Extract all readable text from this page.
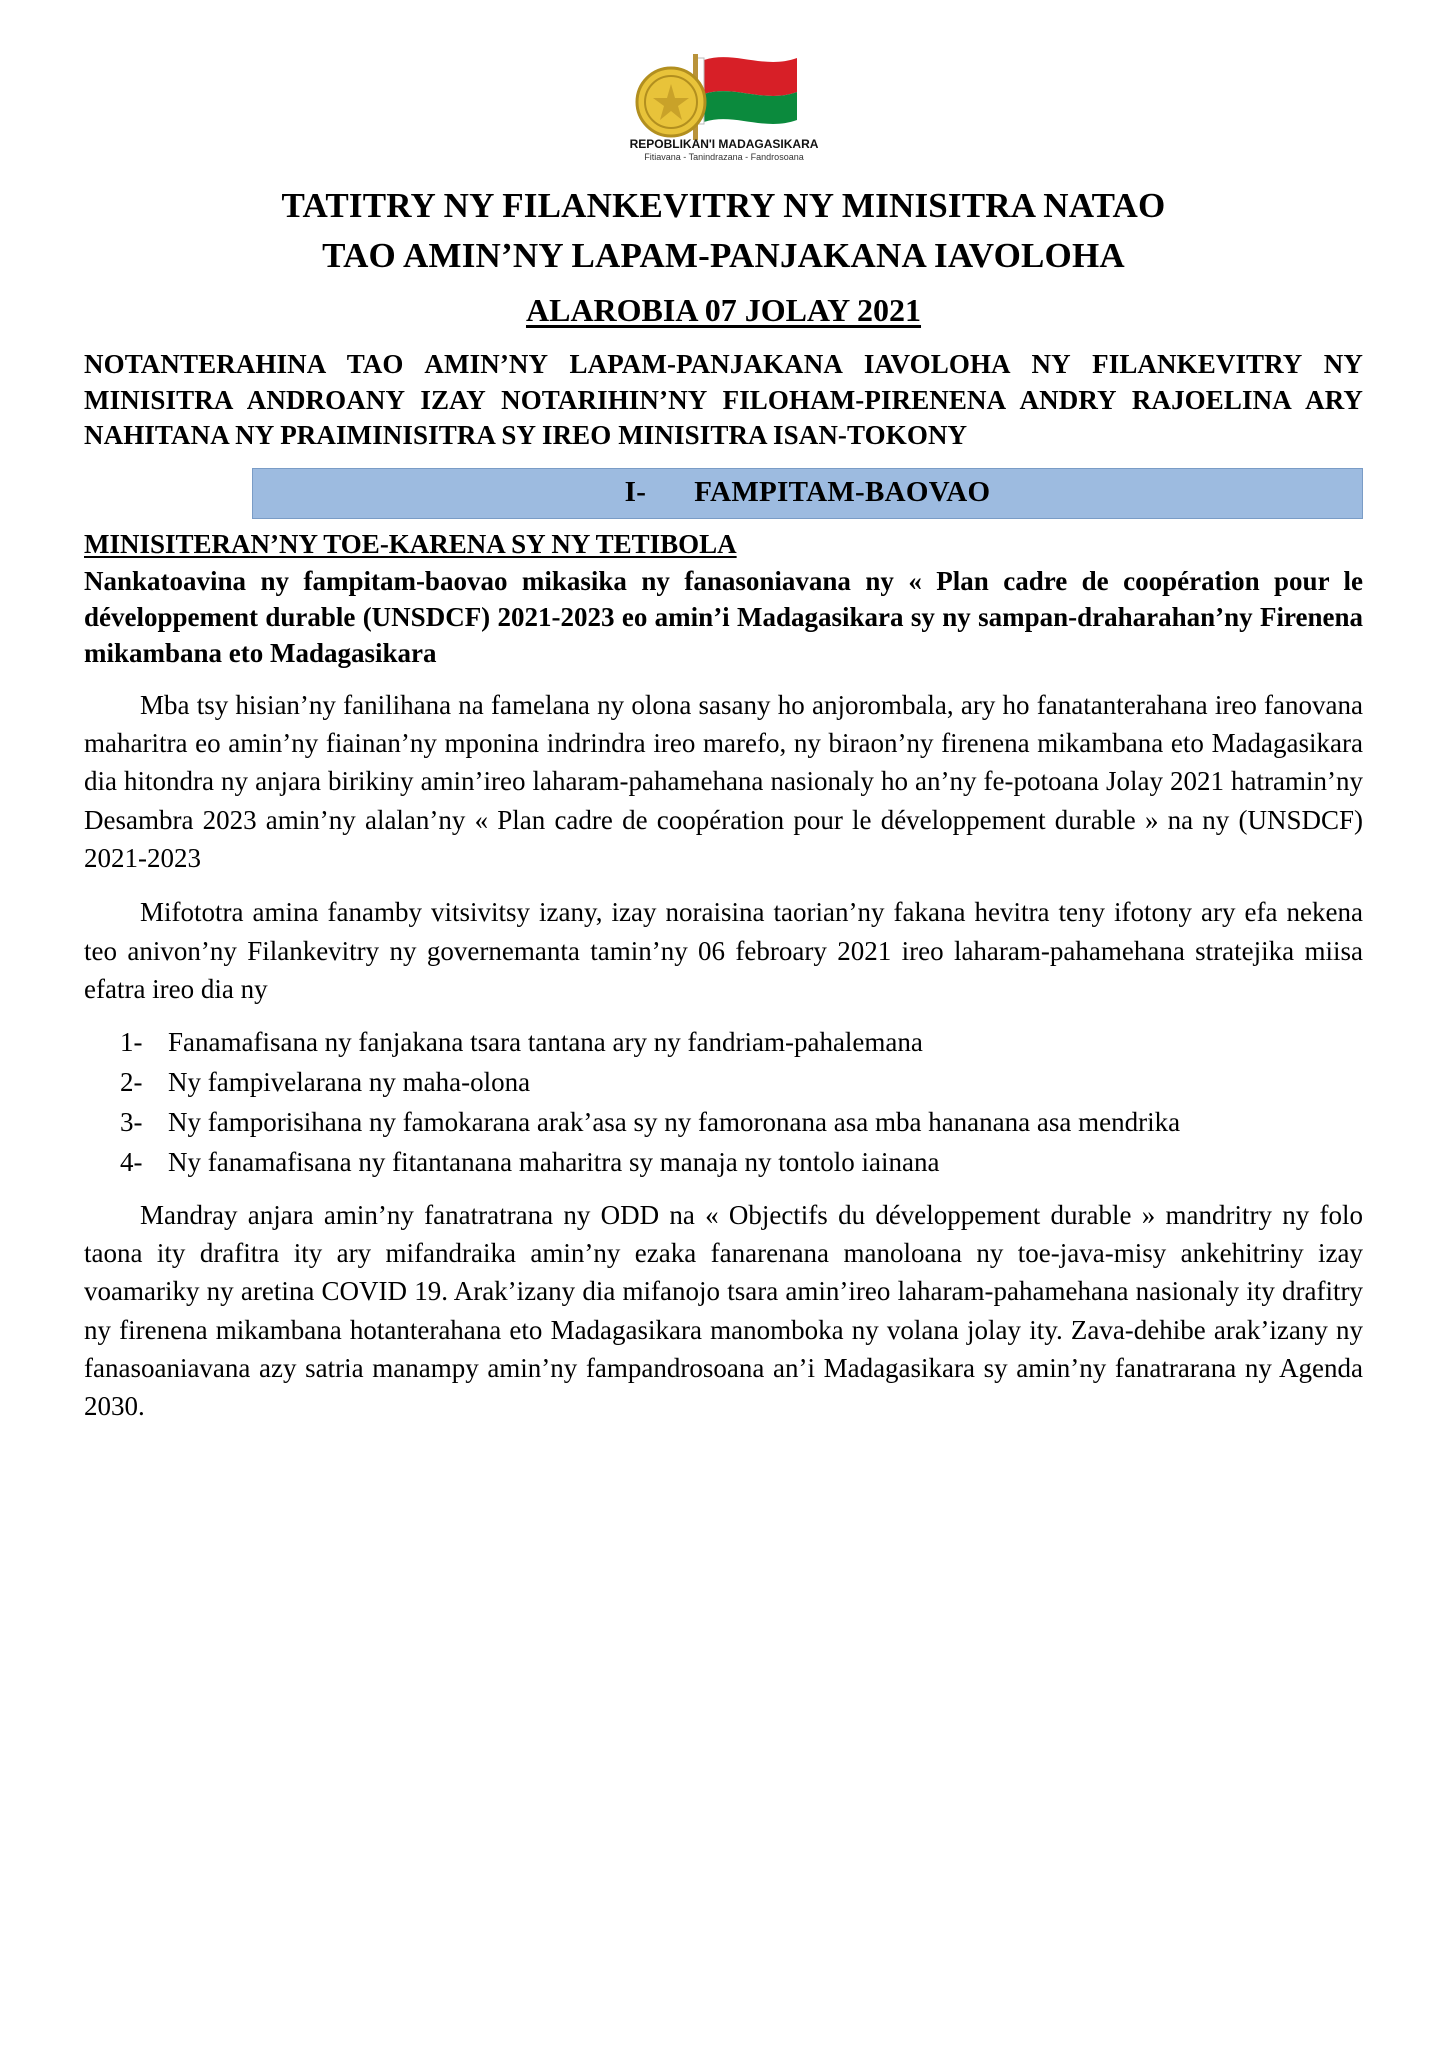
REPOBLIKAN'I MADAGASIKARA
Fitiavana - Tanindrazana - Fandrosoana
TATITRY NY FILANKEVITRY NY MINISITRA NATAO
TAO AMIN’NY LAPAM-PANJAKANA IAVOLOHA
ALAROBIA 07 JOLAY 2021
NOTANTERAHINA TAO AMIN’NY LAPAM-PANJAKANA IAVOLOHA NY FILANKEVITRY NY MINISITRA ANDROANY IZAY NOTARIHIN’NY FILOHAM-PIRENENA ANDRY RAJOELINA ARY NAHITANA NY PRAIMINISITRA SY IREO MINISITRA ISAN-TOKONY
I- FAMPITAM-BAOVAO
MINISITERAN’NY TOE-KARENA SY NY TETIBOLA
Nankatoavina ny fampitam-baovao mikasika ny fanasoniavana ny « Plan cadre de coopération pour le développement durable (UNSDCF) 2021-2023 eo amin’i Madagasikara sy ny sampan-draharahan’ny Firenena mikambana eto Madagasikara

Mba tsy hisian’ny fanilihana na famelana ny olona sasany ho anjorombala, ary ho fanatanterahana ireo fanovana maharitra eo amin’ny fiainan’ny mponina indrindra ireo marefo, ny biraon’ny firenena mikambana eto Madagasikara dia hitondra ny anjara birikiny amin’ireo laharam-pahamehana nasionaly ho an’ny fe-potoana Jolay 2021 hatramin’ny Desambra 2023 amin’ny alalan’ny « Plan cadre de coopération pour le développement durable » na ny (UNSDCF) 2021-2023

Mifototra amina fanamby vitsivitsy izany, izay noraisina taorian’ny fakana hevitra teny ifotony ary efa nekena teo anivon’ny Filankevitry ny governemanta tamin’ny 06 febroary 2021 ireo laharam-pahamehana stratejika miisa efatra ireo dia ny

1- Fanamafisana ny fanjakana tsara tantana ary ny fandriam-pahalemana
2- Ny fampivelarana ny maha-olona
3- Ny famporisihana ny famokarana arak’asa sy ny famoronana asa mba hananana asa mendrika
4- Ny fanamafisana ny fitantanana maharitra sy manaja ny tontolo iainana

Mandray anjara amin’ny fanatratrana ny ODD na « Objectifs du développement durable » mandritry ny folo taona ity drafitra ity ary mifandraika amin’ny ezaka fanarenana manoloana ny toe-java-misy ankehitriny izay voamariky ny aretina COVID 19. Arak’izany dia mifanojo tsara amin’ireo laharam-pahamehana nasionaly ity drafitry ny firenena mikambana hotanterahana eto Madagasikara manomboka ny volana jolay ity. Zava-dehibe arak’izany ny fanasoaniavana azy satria manampy amin’ny fampandrosoana an’i Madagasikara sy amin’ny fanatrarana ny Agenda 2030.
